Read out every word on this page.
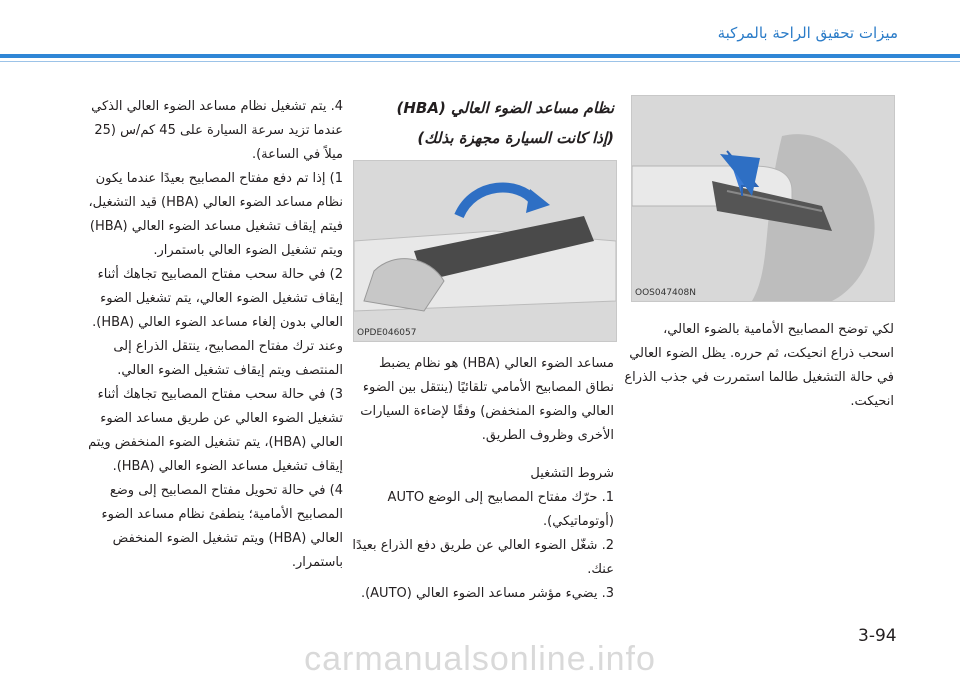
ميزات تحقيق الراحة بالمركبة
OOS047408N

لكي توضح المصابيح الأمامية بالضوء العالي، اسحب ذراع انحيكت، ثم حرره. يظل الضوء العالي في حالة التشغيل طالما استمررت في جذب الذراع انحيكت.

نظام مساعد الضوء العالي (HBA)
(إذا كانت السيارة مجهزة بذلك)
OPDE046057

مساعد الضوء العالي (HBA) هو نظام يضبط نطاق المصابيح الأمامي تلقائيًا (ينتقل بين الضوء العالي والضوء المنخفض) وفقًا لإضاءة السيارات الأخرى وظروف الطريق.

شروط التشغيل

1. حرّك مفتاح المصابيح إلى الوضع AUTO (أوتوماتيكي).

2. شغّل الضوء العالي عن طريق دفع الذراع بعيدًا عنك.

3. يضيء مؤشر مساعد الضوء العالي (AUTO).

4. يتم تشغيل نظام مساعد الضوء العالي الذكي عندما تزيد سرعة السيارة على 45 كم/س (25 ميلاً في الساعة).

1) إذا تم دفع مفتاح المصابيح بعيدًا عندما يكون نظام مساعد الضوء العالي (HBA) قيد التشغيل، فيتم إيقاف تشغيل مساعد الضوء العالي (HBA) ويتم تشغيل الضوء العالي باستمرار.

2) في حالة سحب مفتاح المصابيح تجاهك أثناء إيقاف تشغيل الضوء العالي، يتم تشغيل الضوء العالي بدون إلغاء مساعد الضوء العالي (HBA). وعند ترك مفتاح المصابيح، ينتقل الذراع إلى المنتصف ويتم إيقاف تشغيل الضوء العالي.

3) في حالة سحب مفتاح المصابيح تجاهك أثناء تشغيل الضوء العالي عن طريق مساعد الضوء العالي (HBA)، يتم تشغيل الضوء المنخفض ويتم إيقاف تشغيل مساعد الضوء العالي (HBA).

4) في حالة تحويل مفتاح المصابيح إلى وضع المصابيح الأمامية؛ ينطفئ نظام مساعد الضوء العالي (HBA) ويتم تشغيل الضوء المنخفض باستمرار.

3-94
carmanualsonline.info
